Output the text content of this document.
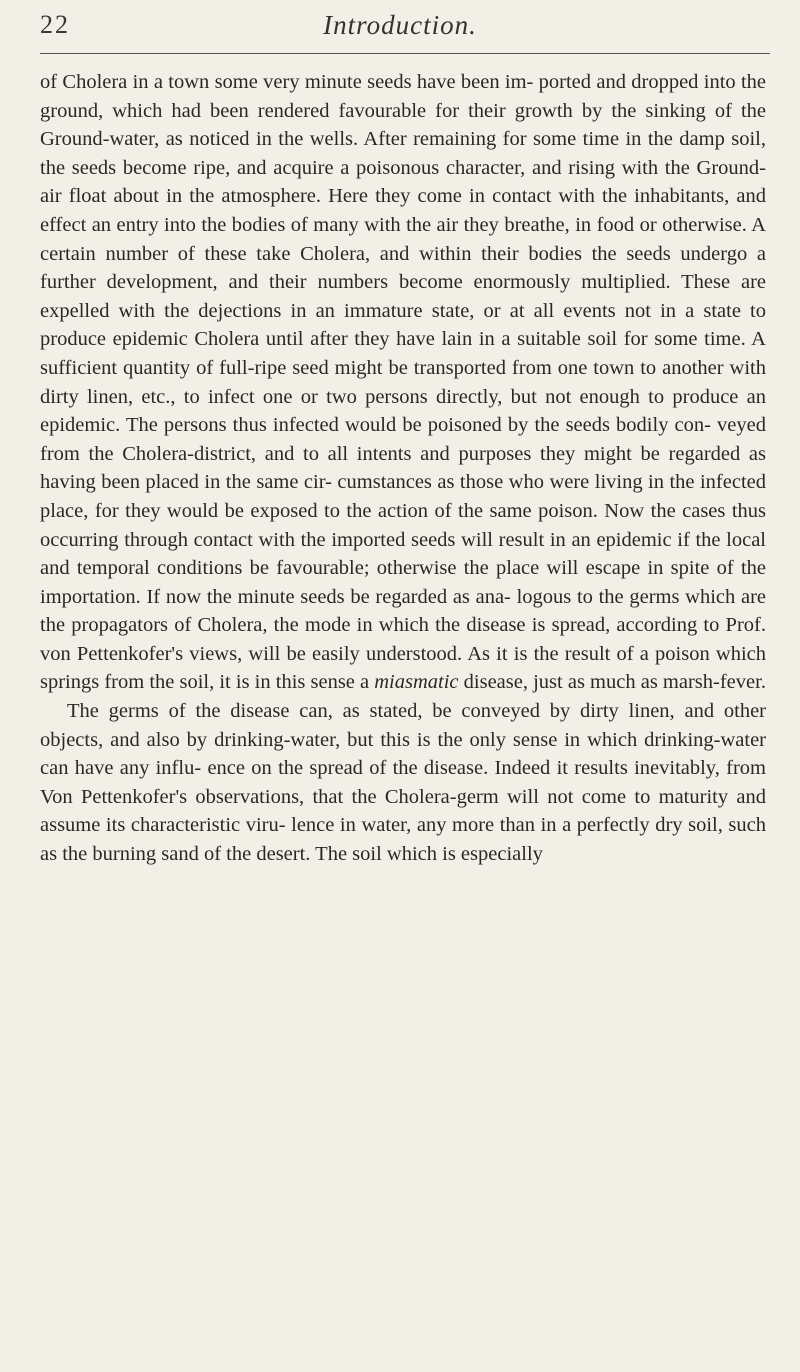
22	Introduction.

of Cholera in a town some very minute seeds have been im- ported and dropped into the ground, which had been rendered favourable for their growth by the sinking of the Ground-water, as noticed in the wells. After remaining for some time in the damp soil, the seeds become ripe, and acquire a poisonous character, and rising with the Ground-air float about in the atmosphere. Here they come in contact with the inhabitants, and effect an entry into the bodies of many with the air they breathe, in food or otherwise. A certain number of these take Cholera, and within their bodies the seeds undergo a further development, and their numbers become enormously multiplied. These are expelled with the dejections in an immature state, or at all events not in a state to produce epidemic Cholera until after they have lain in a suitable soil for some time. A sufficient quantity of full-ripe seed might be transported from one town to another with dirty linen, etc., to infect one or two persons directly, but not enough to produce an epidemic. The persons thus infected would be poisoned by the seeds bodily con- veyed from the Cholera-district, and to all intents and purposes they might be regarded as having been placed in the same cir- cumstances as those who were living in the infected place, for they would be exposed to the action of the same poison. Now the cases thus occurring through contact with the imported seeds will result in an epidemic if the local and temporal conditions be favourable; otherwise the place will escape in spite of the importation. If now the minute seeds be regarded as ana- logous to the germs which are the propagators of Cholera, the mode in which the disease is spread, according to Prof. von Pettenkofer's views, will be easily understood. As it is the result of a poison which springs from the soil, it is in this sense a miasmatic disease, just as much as marsh-fever.

The germs of the disease can, as stated, be conveyed by dirty linen, and other objects, and also by drinking-water, but this is the only sense in which drinking-water can have any influ- ence on the spread of the disease. Indeed it results inevitably, from Von Pettenkofer's observations, that the Cholera-germ will not come to maturity and assume its characteristic viru- lence in water, any more than in a perfectly dry soil, such as the burning sand of the desert. The soil which is especially
